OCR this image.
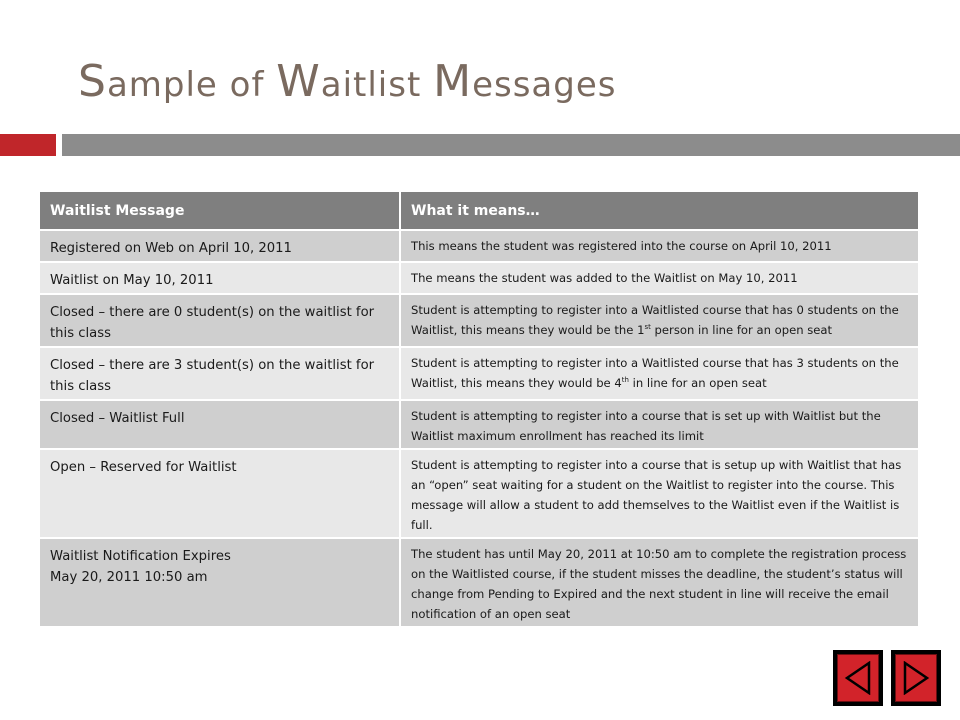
Sample of Waitlist Messages
Waitlist Message	What it means…
Registered on Web on April 10, 2011	This means the student was registered into the course on April 10, 2011
Waitlist on May 10, 2011	The means the student was added to the Waitlist on May 10, 2011
Closed – there are 0 student(s) on the waitlist for this class	Student is attempting to register into a Waitlisted course that has 0 students on the Waitlist, this means they would be the 1st person in line for an open seat
Closed – there are 3 student(s) on the waitlist for this class	Student is attempting to register into a Waitlisted course that has 3 students on the Waitlist, this means they would be 4th in line for an open seat
Closed – Waitlist Full	Student is attempting to register into a course that is set up with Waitlist but the Waitlist maximum enrollment has reached its limit
Open – Reserved for Waitlist	Student is attempting to register into a course that is setup up with Waitlist that has an “open” seat waiting for a student on the Waitlist to register into the course. This message will allow a student to add themselves to the Waitlist even if the Waitlist is full.

Waitlist Notification Expires
May 20, 2011 10:50 am	The student has until May 20, 2011 at 10:50 am to complete the registration process on the Waitlisted course, if the student misses the deadline, the student’s status will change from Pending to Expired and the next student in line will receive the email notification of an open seat
